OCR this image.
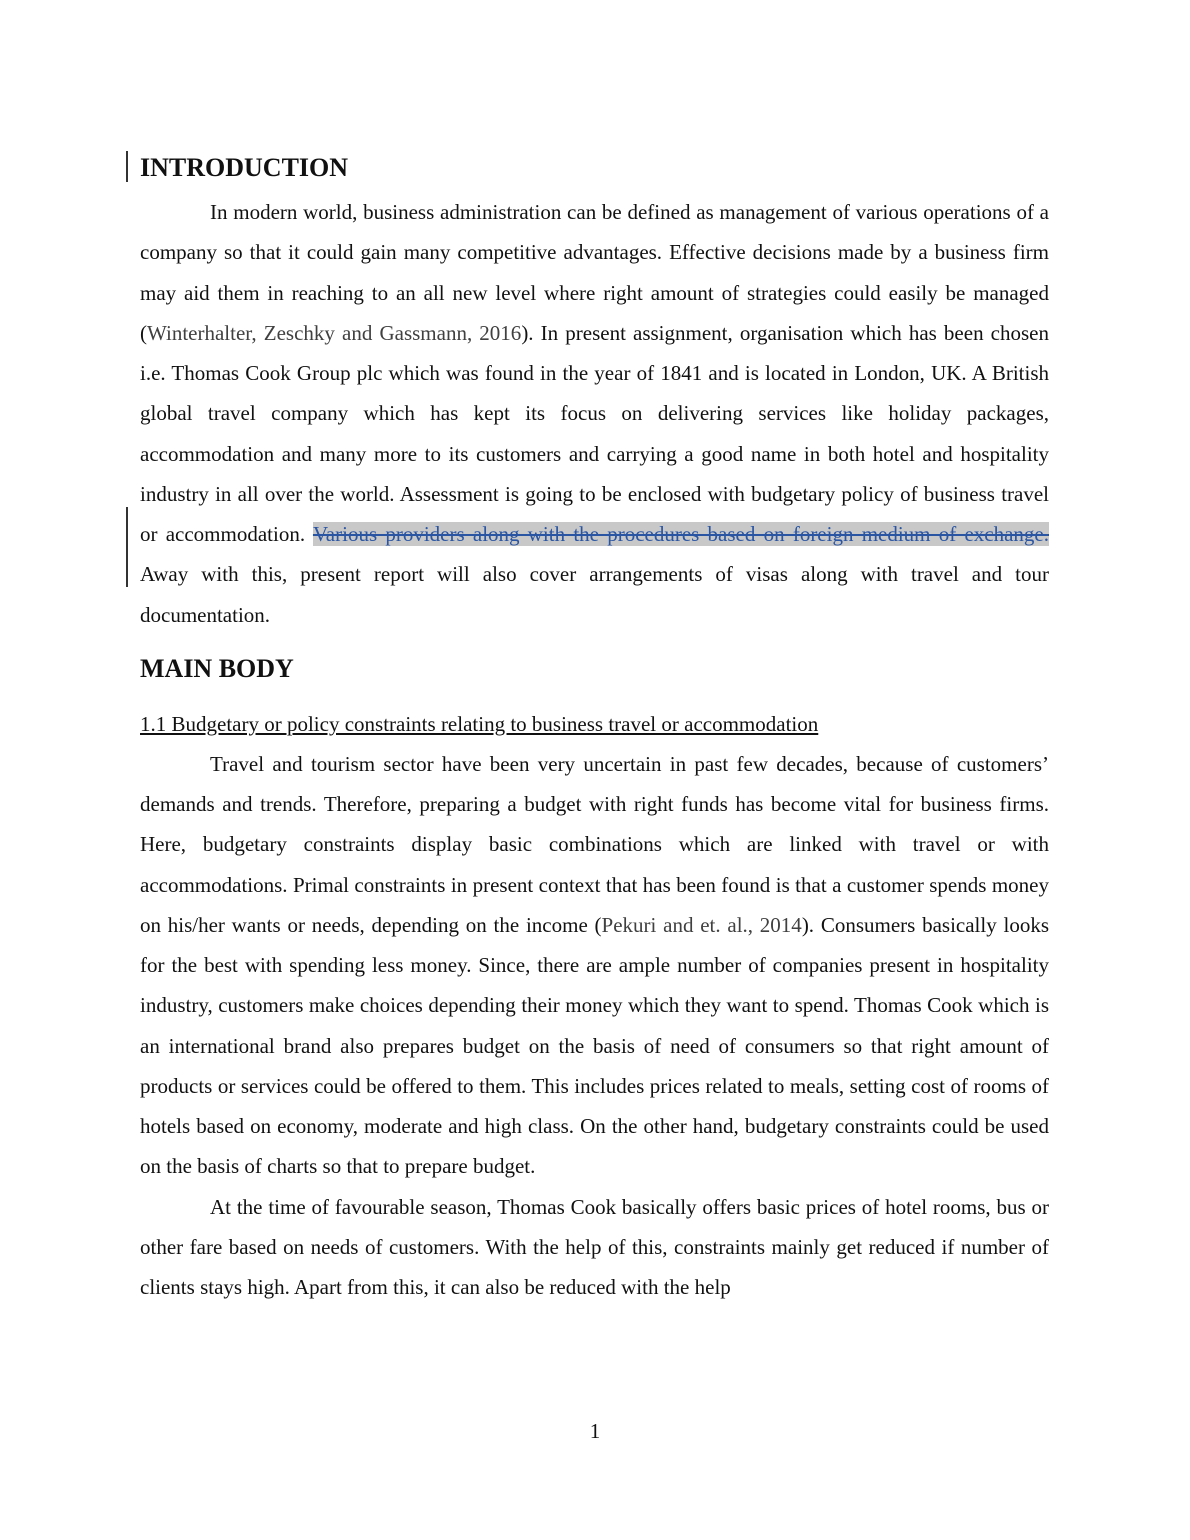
INTRODUCTION

In modern world, business administration can be defined as management of various operations of a company so that it could gain many competitive advantages. Effective decisions made by a business firm may aid them in reaching to an all new level where right amount of strategies could easily be managed (Winterhalter, Zeschky and Gassmann, 2016). In present assignment, organisation which has been chosen i.e. Thomas Cook Group plc which was found in the year of 1841 and is located in London, UK. A British global travel company which has kept its focus on delivering services like holiday packages, accommodation and many more to its customers and carrying a good name in both hotel and hospitality industry in all over the world. Assessment is going to be enclosed with budgetary policy of business travel or accommodation. Various providers along with the procedures based on foreign medium of exchange. Away with this, present report will also cover arrangements of visas along with travel and tour documentation.

MAIN BODY

1.1 Budgetary or policy constraints relating to business travel or accommodation

Travel and tourism sector have been very uncertain in past few decades, because of customers’ demands and trends. Therefore, preparing a budget with right funds has become vital for business firms. Here, budgetary constraints display basic combinations which are linked with travel or with accommodations. Primal constraints in present context that has been found is that a customer spends money on his/her wants or needs, depending on the income (Pekuri and et. al., 2014). Consumers basically looks for the best with spending less money. Since, there are ample number of companies present in hospitality industry, customers make choices depending their money which they want to spend. Thomas Cook which is an international brand also prepares budget on the basis of need of consumers so that right amount of products or services could be offered to them. This includes prices related to meals, setting cost of rooms of hotels based on economy, moderate and high class. On the other hand, budgetary constraints could be used on the basis of charts so that to prepare budget.

At the time of favourable season, Thomas Cook basically offers basic prices of hotel rooms, bus or other fare based on needs of customers. With the help of this, constraints mainly get reduced if number of clients stays high. Apart from this, it can also be reduced with the help

1
